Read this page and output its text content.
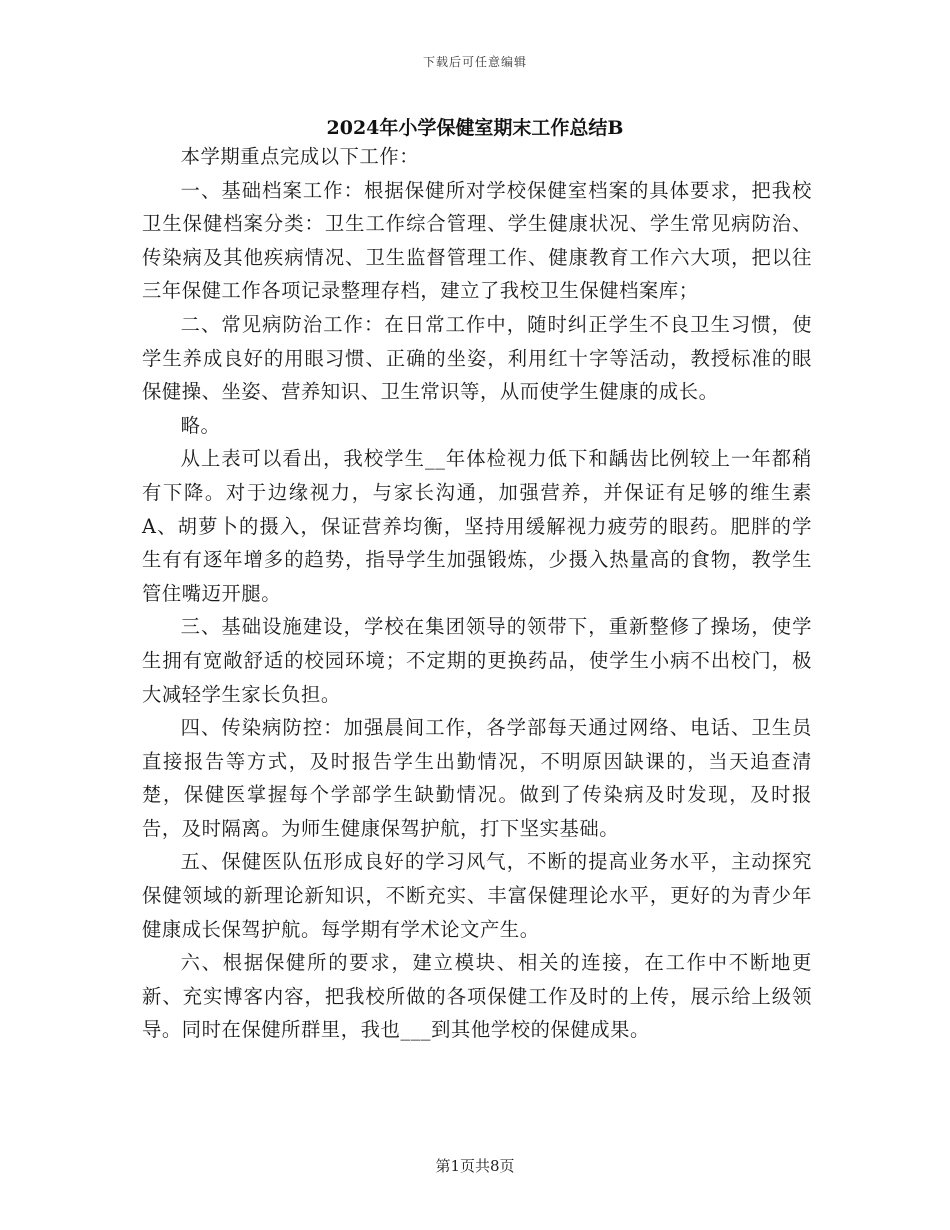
下载后可任意编辑
2024年小学保健室期末工作总结B

本学期重点完成以下工作：

一、基础档案工作：根据保健所对学校保健室档案的具体要求，把我校卫生保健档案分类：卫生工作综合管理、学生健康状况、学生常见病防治、传染病及其他疾病情况、卫生监督管理工作、健康教育工作六大项，把以往三年保健工作各项记录整理存档，建立了我校卫生保健档案库；

二、常见病防治工作：在日常工作中，随时纠正学生不良卫生习惯，使学生养成良好的用眼习惯、正确的坐姿，利用红十字等活动，教授标准的眼保健操、坐姿、营养知识、卫生常识等，从而使学生健康的成长。

略。

从上表可以看出，我校学生__年体检视力低下和龋齿比例较上一年都稍有下降。对于边缘视力，与家长沟通，加强营养，并保证有足够的维生素A、胡萝卜的摄入，保证营养均衡，坚持用缓解视力疲劳的眼药。肥胖的学生有有逐年增多的趋势，指导学生加强锻炼，少摄入热量高的食物，教学生管住嘴迈开腿。

三、基础设施建设，学校在集团领导的领带下，重新整修了操场，使学生拥有宽敞舒适的校园环境；不定期的更换药品，使学生小病不出校门，极大减轻学生家长负担。

四、传染病防控：加强晨间工作，各学部每天通过网络、电话、卫生员直接报告等方式，及时报告学生出勤情况，不明原因缺课的，当天追查清楚，保健医掌握每个学部学生缺勤情况。做到了传染病及时发现，及时报告，及时隔离。为师生健康保驾护航，打下坚实基础。

五、保健医队伍形成良好的学习风气，不断的提高业务水平，主动探究保健领域的新理论新知识，不断充实、丰富保健理论水平，更好的为青少年健康成长保驾护航。每学期有学术论文产生。

六、根据保健所的要求，建立模块、相关的连接，在工作中不断地更新、充实博客内容，把我校所做的各项保健工作及时的上传，展示给上级领导。同时在保健所群里，我也___到其他学校的保健成果。

第1页共8页
